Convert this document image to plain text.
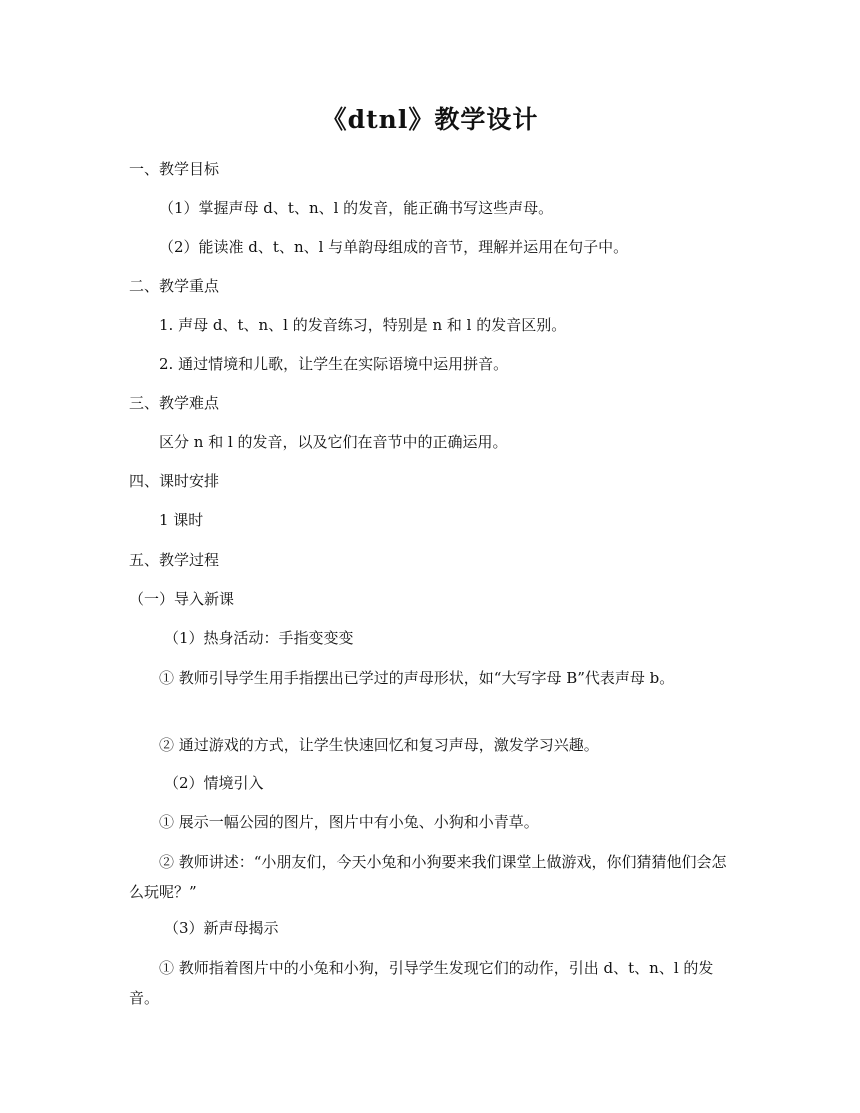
《dtnl》教学设计
一、教学目标
（1）掌握声母 d、t、n、l 的发音，能正确书写这些声母。
（2）能读准 d、t、n、l 与单韵母组成的音节，理解并运用在句子中。
二、教学重点
1. 声母 d、t、n、l 的发音练习，特别是 n 和 l 的发音区别。
2. 通过情境和儿歌，让学生在实际语境中运用拼音。
三、教学难点
区分 n 和 l 的发音，以及它们在音节中的正确运用。
四、课时安排
1 课时
五、教学过程
（一）导入新课
（1）热身活动：手指变变变
① 教师引导学生用手指摆出已学过的声母形状，如“大写字母 B”代表声母 b。
② 通过游戏的方式，让学生快速回忆和复习声母，激发学习兴趣。
（2）情境引入
① 展示一幅公园的图片，图片中有小兔、小狗和小青草。
② 教师讲述：“小朋友们，今天小兔和小狗要来我们课堂上做游戏，你们猜猜他们会怎么玩呢？”
（3）新声母揭示
① 教师指着图片中的小兔和小狗，引导学生发现它们的动作，引出 d、t、n、l 的发音。
